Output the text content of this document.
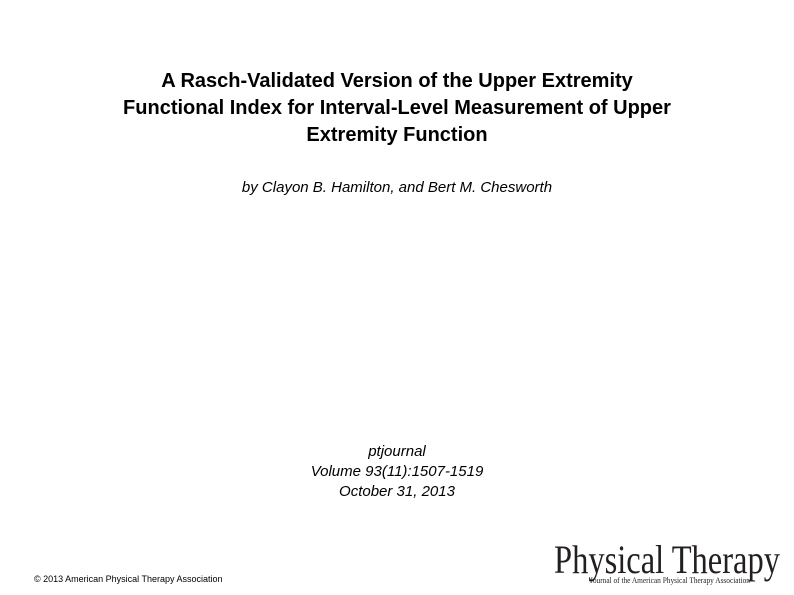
A Rasch-Validated Version of the Upper Extremity
Functional Index for Interval-Level Measurement of Upper
Extremity Function
by Clayon B. Hamilton, and Bert M. Chesworth
ptjournal
Volume 93(11):1507-1519
October 31, 2013
© 2013 American Physical Therapy Association	Physical Therapy
Journal of the American Physical Therapy Association
